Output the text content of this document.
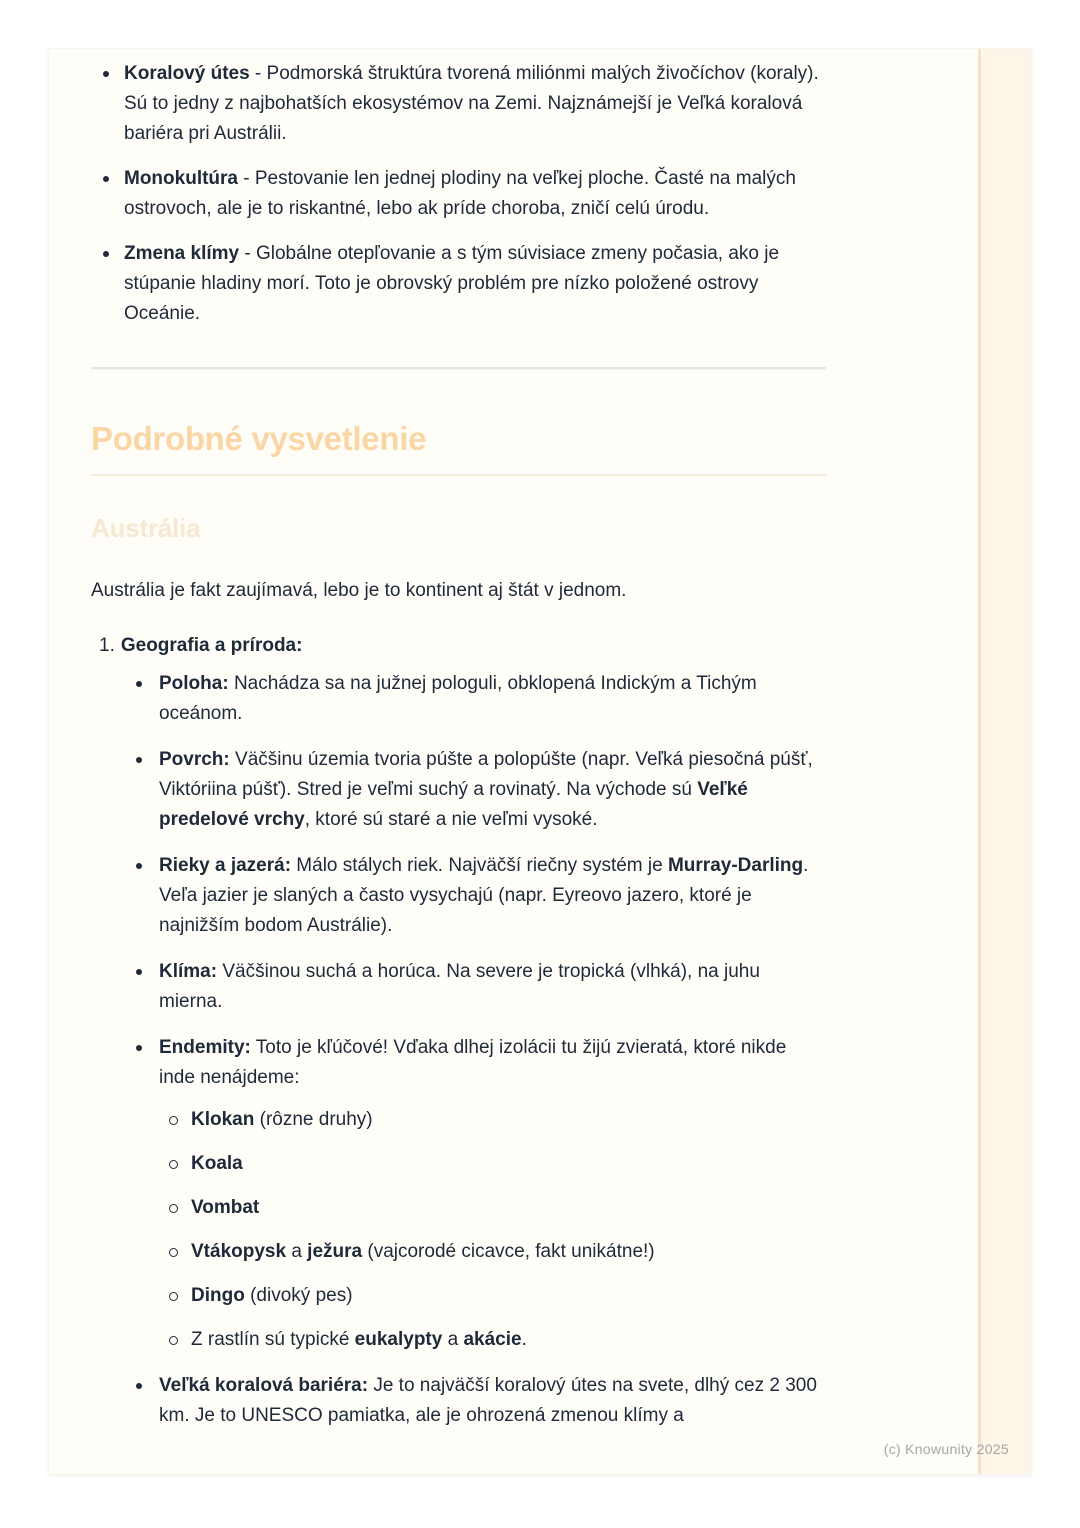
Koralový útes - Podmorská štruktúra tvorená miliónmi malých živočíchov (koraly). Sú to jedny z najbohatších ekosystémov na Zemi. Najznámejší je Veľká koralová bariéra pri Austrálii.
Monokultúra - Pestovanie len jednej plodiny na veľkej ploche. Časté na malých ostrovoch, ale je to riskantné, lebo ak príde choroba, zničí celú úrodu.
Zmena klímy - Globálne otepľovanie a s tým súvisiace zmeny počasia, ako je stúpanie hladiny morí. Toto je obrovský problém pre nízko položené ostrovy Oceánie.
Podrobné vysvetlenie
Austrália

Austrália je fakt zaujímavá, lebo je to kontinent aj štát v jednom.

1. Geografia a príroda:
Poloha: Nachádza sa na južnej pologuli, obklopená Indickým a Tichým oceánom.
Povrch: Väčšinu územia tvoria púšte a polopúšte (napr. Veľká piesočná púšť, Viktóriina púšť). Stred je veľmi suchý a rovinatý. Na východe sú Veľké predelové vrchy, ktoré sú staré a nie veľmi vysoké.
Rieky a jazerá: Málo stálych riek. Najväčší riečny systém je Murray-Darling. Veľa jazier je slaných a často vysychajú (napr. Eyreovo jazero, ktoré je najnižším bodom Austrálie).
Klíma: Väčšinou suchá a horúca. Na severe je tropická (vlhká), na juhu mierna.
Endemity: Toto je kľúčové! Vďaka dlhej izolácii tu žijú zvieratá, ktoré nikde inde nenájdeme:
Klokan (rôzne druhy)
Koala
Vombat
Vtákopysk a ježura (vajcorodé cicavce, fakt unikátne!)
Dingo (divoký pes)
Z rastlín sú typické eukalypty a akácie.
Veľká koralová bariéra: Je to najväčší koralový útes na svete, dlhý cez 2 300 km. Je to UNESCO pamiatka, ale je ohrozená zmenou klímy a
(c) Knowunity 2025
